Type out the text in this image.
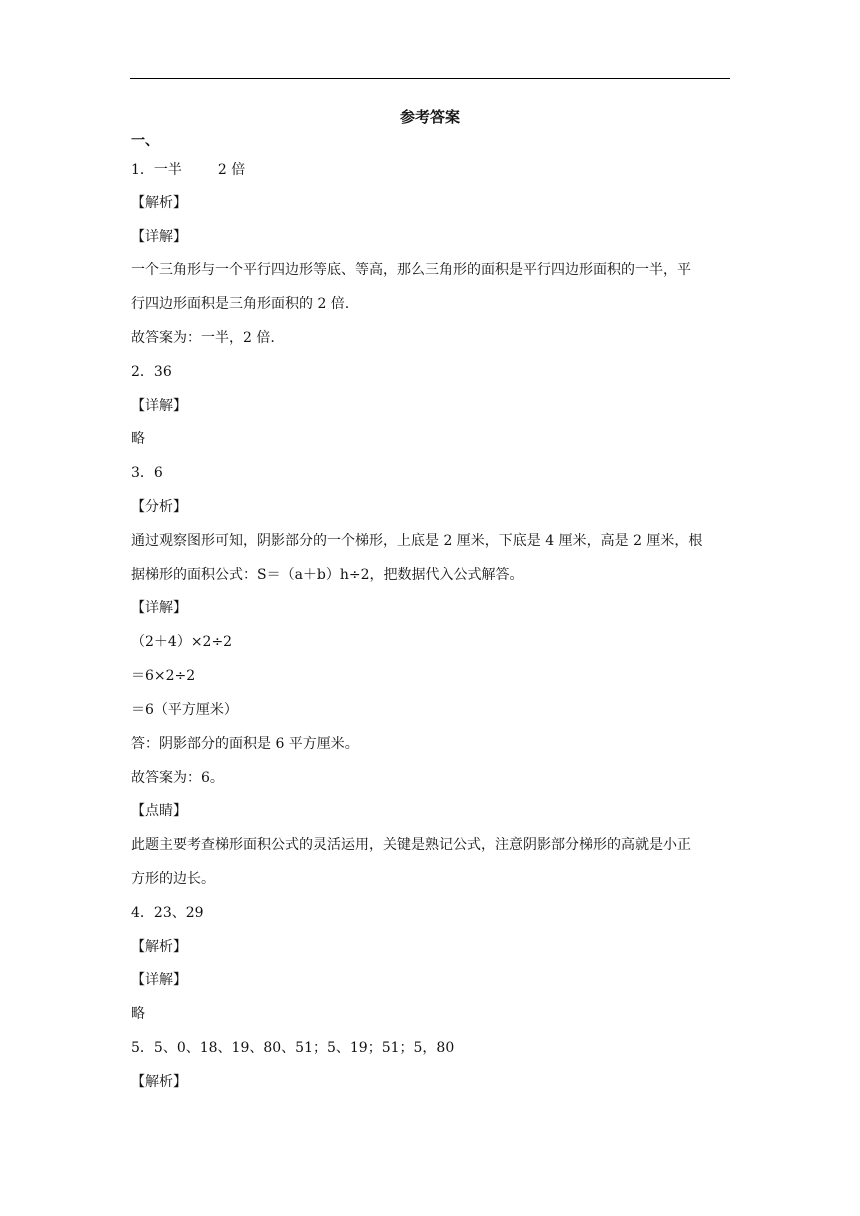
参考答案
一、
1．一半	2 倍
【解析】
【详解】
一个三角形与一个平行四边形等底、等高，那么三角形的面积是平行四边形面积的一半，平
行四边形面积是三角形面积的 2 倍.
故答案为：一半，2 倍.
2．36
【详解】
略
3．6
【分析】
通过观察图形可知，阴影部分的一个梯形，上底是 2 厘米，下底是 4 厘米，高是 2 厘米，根
据梯形的面积公式：S＝（a＋b）h÷2，把数据代入公式解答。
【详解】
（2＋4）×2÷2
＝6×2÷2
＝6（平方厘米）
答：阴影部分的面积是 6 平方厘米。
故答案为：6。
【点睛】
此题主要考查梯形面积公式的灵活运用，关键是熟记公式，注意阴影部分梯形的高就是小正
方形的边长。
4．23、29
【解析】
【详解】
略
5．5、0、18、19、80、51；5、19；51；5，80
【解析】
